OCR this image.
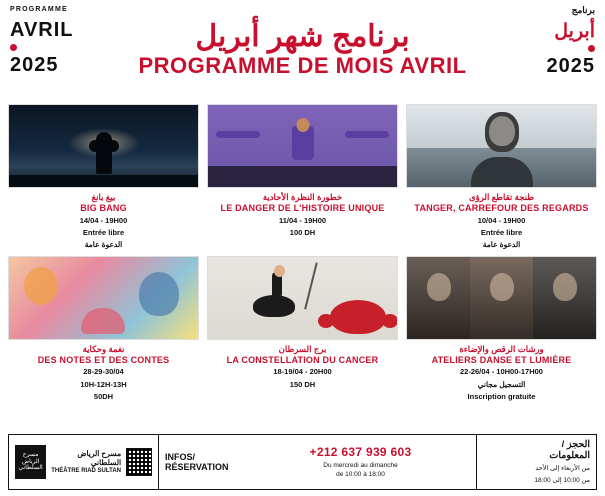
PROGRAMME
AVRIL
2025
برنامج شهر أبريل
PROGRAMME DE MOIS AVRIL
برنامج
أبريل
2025
بيغ بانغ
BIG BANG
14/04 - 19H00
Entrée libre
الدعوة عامة
خطورة النظرة الأحادية
LE DANGER DE L'HISTOIRE UNIQUE
11/04 - 19H00
100 DH
طنجة تقاطع الرؤى
TANGER, CARREFOUR DES REGARDS
10/04 - 19H00
Entrée libre
الدعوة عامة
نغمة وحكاية
DES NOTES ET DES CONTES
28-29-30/04
10H-12H-13H
50DH
برج السرطان
LA CONSTELLATION DU CANCER
18-19/04 - 20H00
150 DH
ورشات الرقص والإضاءة
ATELIERS DANSE ET LUMIÈRE
22-26/04 - 10H00-17H00
التسجيل مجاني
Inscription gratuite
مسرح الرياض السلطاني
مسرح الرياض السلطاني
THÉÂTRE RIAD SULTAN
INFOS/
RÉSERVATION
+212 637 939 603
Du mercredi au dimanche
de 10:00 à 18:00
الحجز /
المعلومات
من الأربعاء إلى الأحد
من 10:00 إلى 18:00
